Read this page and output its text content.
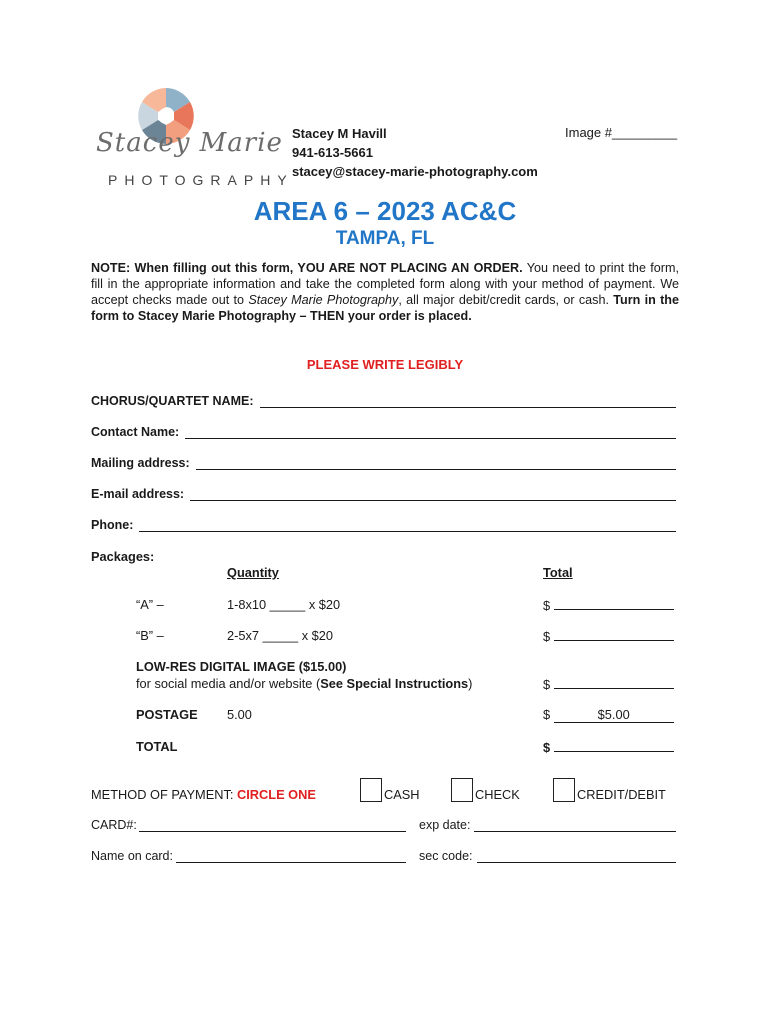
Stacey Marie
PHOTOGRAPHY
Stacey M Havill
941-613-5661
stacey@stacey-marie-photography.com
Image #_________
AREA 6 – 2023 AC&C
TAMPA, FL
NOTE: When filling out this form, YOU ARE NOT PLACING AN ORDER. You need to print the form, fill in the appropriate information and take the completed form along with your method of payment. We accept checks made out to Stacey Marie Photography, all major debit/credit cards, or cash. Turn in the form to Stacey Marie Photography – THEN your order is placed.
PLEASE WRITE LEGIBLY
CHORUS/QUARTET NAME:
Contact Name:
Mailing address:
E-mail address:
Phone:
Packages:
Quantity	Total
“A” –	1-8x10 _____ x $20	$
“B” –	2-5x7 _____ x $20	$
LOW-RES DIGITAL IMAGE ($15.00)
for social media and/or website (See Special Instructions)	$
POSTAGE 5.00	$	$5.00
TOTAL	$
METHOD OF PAYMENT: CIRCLE ONE	CASH	CHECK	CREDIT/DEBIT
CARD#:	exp date:
Name on card:	sec code:
